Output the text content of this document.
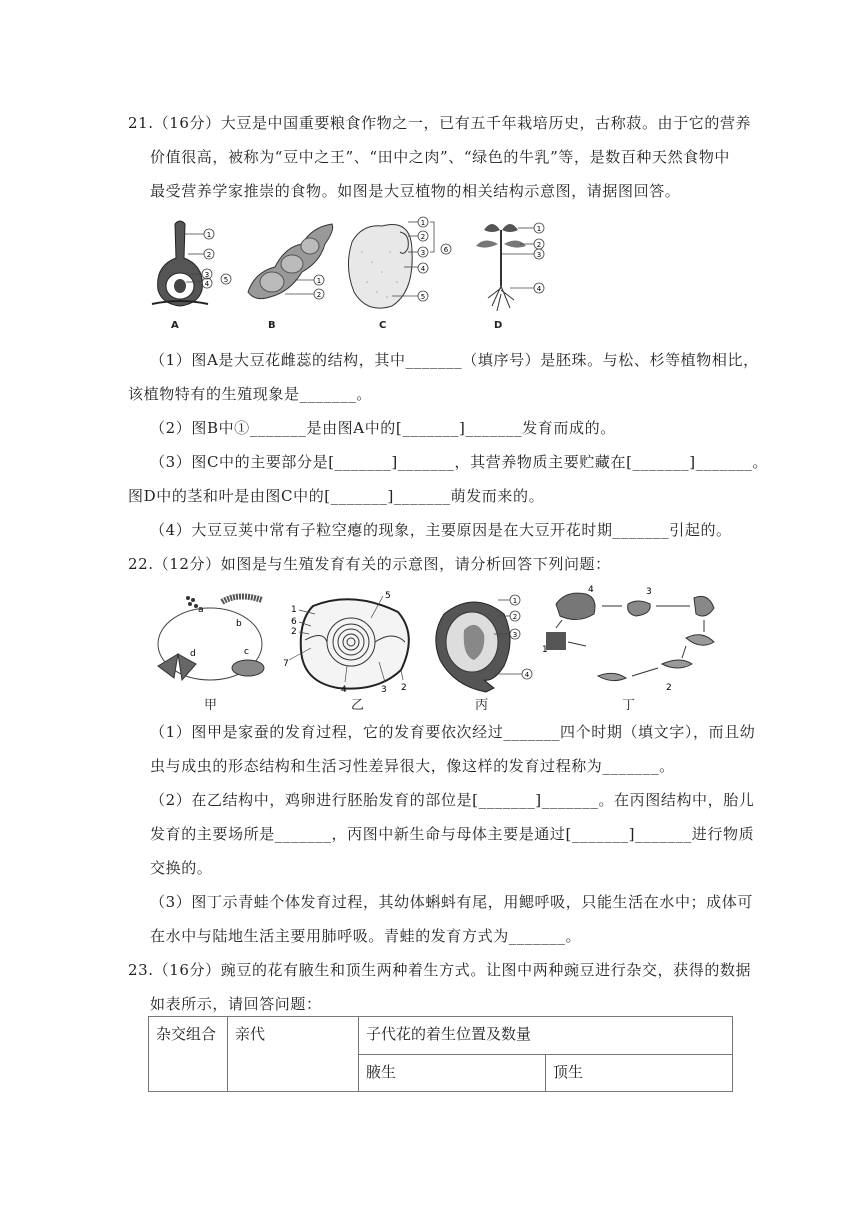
21.（16分）大豆是中国重要粮食作物之一，已有五千年栽培历史，古称菽。由于它的营养
价值很高，被称为“豆中之王”、“田中之肉”、“绿色的牛乳”等，是数百种天然食物中
最受营养学家推崇的食物。如图是大豆植物的相关结构示意图，请据图回答。
1
2
3
4 5
A
1
2
B
1
2
3
4
5
6
C
1
2
3
4
D
（1）图A是大豆花雌蕊的结构，其中_______（填序号）是胚珠。与松、杉等植物相比，
该植物特有的生殖现象是_______。
（2）图B中①_______是由图A中的[_______]_______发育而成的。
（3）图C中的主要部分是[_______]_______，其营养物质主要贮藏在[_______]_______。
图D中的茎和叶是由图C中的[_______]_______萌发而来的。
（4）大豆豆荚中常有子粒空瘪的现象，主要原因是在大豆开花时期_______引起的。
22.（12分）如图是与生殖发育有关的示意图，请分析回答下列问题：
a
b
c
d
甲
1
6
2
7
5
4	3 2
乙
1
2
3
4
丙
4	3
1
2
丁
（1）图甲是家蚕的发育过程，它的发育要依次经过_______四个时期（填文字），而且幼
虫与成虫的形态结构和生活习性差异很大，像这样的发育过程称为_______。
（2）在乙结构中，鸡卵进行胚胎发育的部位是[_______]_______。在丙图结构中，胎儿
发育的主要场所是_______，丙图中新生命与母体主要是通过[_______]_______进行物质
交换的。
（3）图丁示青蛙个体发育过程，其幼体蝌蚪有尾，用鳃呼吸，只能生活在水中；成体可
在水中与陆地生活主要用肺呼吸。青蛙的发育方式为_______。
23.（16分）豌豆的花有腋生和顶生两种着生方式。让图中两种豌豆进行杂交，获得的数据
如表所示，请回答问题：
杂交组合	亲代	子代花的着生位置及数量	
		腋生	顶生
